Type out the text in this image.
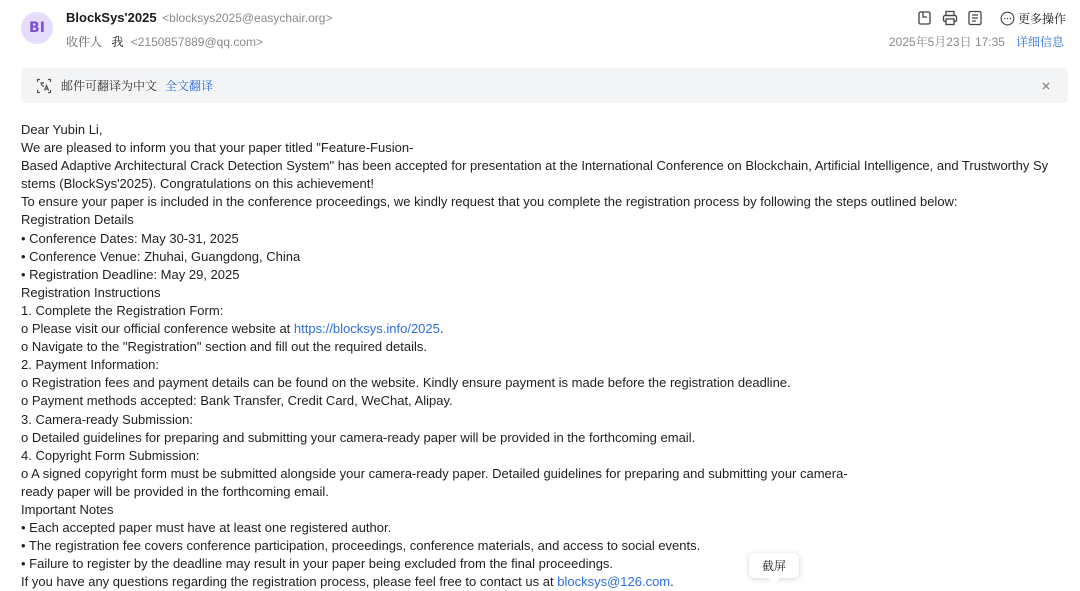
BI
BlockSys'2025 <blocksys2025@easychair.org>
收件人 我 <2150857889@qq.com>
更多操作
2025年5月23日 17:35 详细信息
邮件可翻译为中文 全文翻译
Dear Yubin Li,
We are pleased to inform you that your paper titled "Feature-Fusion-
Based Adaptive Architectural Crack Detection System" has been accepted for presentation at the International Conference on Blockchain, Artificial Intelligence, and Trustworthy Sy
stems (BlockSys'2025). Congratulations on this achievement!
To ensure your paper is included in the conference proceedings, we kindly request that you complete the registration process by following the steps outlined below:
Registration Details
• Conference Dates: May 30-31, 2025
• Conference Venue: Zhuhai, Guangdong, China
• Registration Deadline: May 29, 2025
Registration Instructions
1. Complete the Registration Form:
o Please visit our official conference website at https://blocksys.info/2025.
o Navigate to the "Registration" section and fill out the required details.
2. Payment Information:
o Registration fees and payment details can be found on the website. Kindly ensure payment is made before the registration deadline.
o Payment methods accepted: Bank Transfer, Credit Card, WeChat, Alipay.
3. Camera-ready Submission:
o Detailed guidelines for preparing and submitting your camera-ready paper will be provided in the forthcoming email.
4. Copyright Form Submission:
o A signed copyright form must be submitted alongside your camera-ready paper. Detailed guidelines for preparing and submitting your camera-
ready paper will be provided in the forthcoming email.
Important Notes
• Each accepted paper must have at least one registered author.
• The registration fee covers conference participation, proceedings, conference materials, and access to social events.
• Failure to register by the deadline may result in your paper being excluded from the final proceedings.
If you have any questions regarding the registration process, please feel free to contact us at blocksys@126.com.
截屏
